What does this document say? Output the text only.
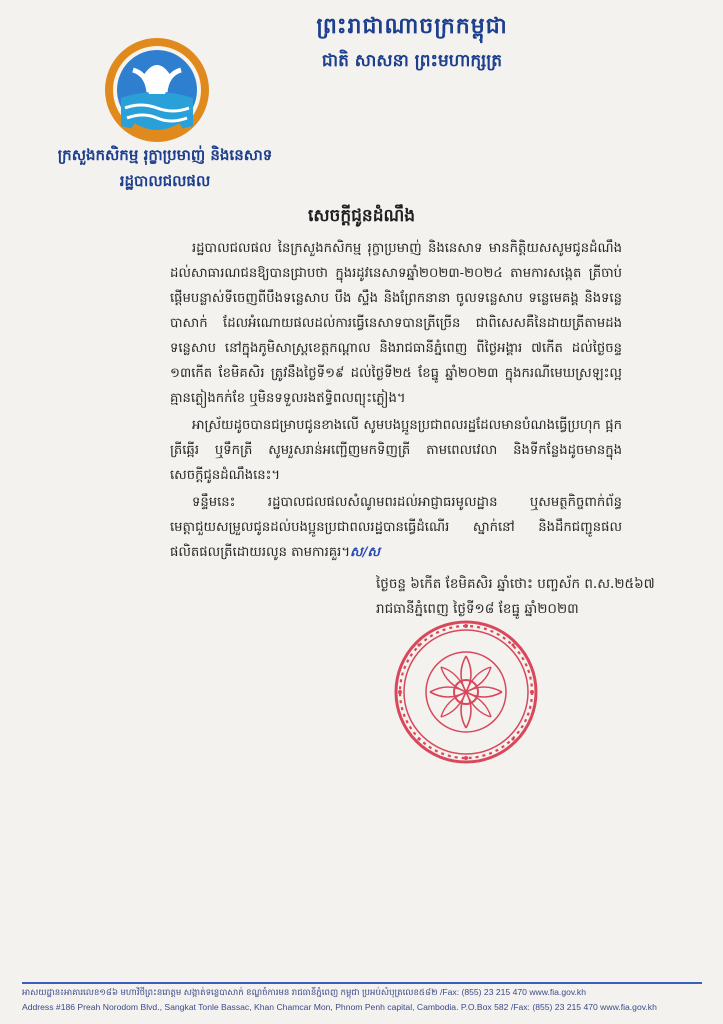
ព្រះរាជាណាចក្រកម្ពុជា
ជាតិ សាសនា ព្រះមហាក្សត្រ
ក្រសួងកសិកម្ម រុក្ខាប្រមាញ់ និងនេសាទ
រដ្ឋបាលជលផល
សេចក្ដីជូនដំណឹង

រដ្ឋបាលជលផល នៃក្រសួងកសិកម្ម រុក្ខាប្រមាញ់ និងនេសាទ មានកិត្តិយសសូមជូនដំណឹងដល់សាធារណជនឱ្យបានជ្រាបថា ក្នុងរដូវនេសាទឆ្នាំ២០២៣-២០២៤ តាមការសង្កេត ត្រីចាប់ផ្ដើមបន្លាស់ទីចេញពីបឹងទន្លេសាប បឹង ស្ទឹង និងព្រែកនានា ចូលទន្លេសាប ទន្លេមេគង្គ និងទន្លេបាសាក់ ដែលអំណោយផលដល់ការធ្វើនេសាទបានត្រីច្រើន ជាពិសេសគឺនៃដាយត្រីតាមដងទន្លេសាប នៅក្នុងភូមិសាស្ត្រខេត្តកណ្ដាល និងរាជធានីភ្នំពេញ ពីថ្ងៃអង្គារ ៧កើត ដល់ថ្ងៃចន្ទ ១៣កើត ខែមិគសិរ ត្រូវនឹងថ្ងៃទី១៩ ដល់ថ្ងៃទី២៥ ខែធ្នូ ឆ្នាំ២០២៣ ក្នុងករណីមេឃស្រឡះល្អ គ្មានភ្លៀងកក់ខែ ឬមិនទទួលរងឥទ្ធិពលព្យុះភ្លៀង។

អាស្រ័យដូចបានជម្រាបជូនខាងលើ សូមបងប្អូនប្រជាពលរដ្ឋដែលមានបំណងធ្វើប្រហុក ផ្អក ត្រីឆ្អើរ ឬទឹកត្រី សូមរួសរាន់អញ្ជើញមកទិញត្រី តាមពេលវេលា និងទីកន្លែងដូចមានក្នុងសេចក្ដីជូនដំណឹងនេះ។

ទន្ទឹមនេះ រដ្ឋបាលជលផលសំណូមពរដល់អាជ្ញាធរមូលដ្ឋាន ឬសមត្ថកិច្ចពាក់ព័ន្ធ មេត្តាជួយសម្រួលជូនដល់បងប្អូនប្រជាពលរដ្ឋបានធ្វើដំណើរ ស្នាក់នៅ និងដឹកជញ្ជូនផល ផលិតផលត្រីដោយរលូន តាមការគួរ។ស/ស

ថ្ងៃចន្ទ ៦កើត ខែមិគសិរ ឆ្នាំថោះ បញ្ចស័ក ព.ស.២៥៦៧
រាជធានីភ្នំពេញ ថ្ងៃទី១៨ ខែធ្នូ ឆ្នាំ២០២៣
អាសយដ្ឋាន៖អាគារលេខ១៨៦ មហាវិថីព្រះនរោត្តម សង្កាត់ទន្លេបាសាក់ ខណ្ឌចំការមន រាជធានីភ្នំពេញ កម្ពុជា ប្រអប់សំបុត្រលេខ៥៨២ /Fax: (855) 23 215 470 www.fia.gov.kh
Address #186 Preah Norodom Blvd., Sangkat Tonle Bassac, Khan Chamcar Mon, Phnom Penh capital, Cambodia. P.O.Box 582 /Fax: (855) 23 215 470 www.fia.gov.kh
